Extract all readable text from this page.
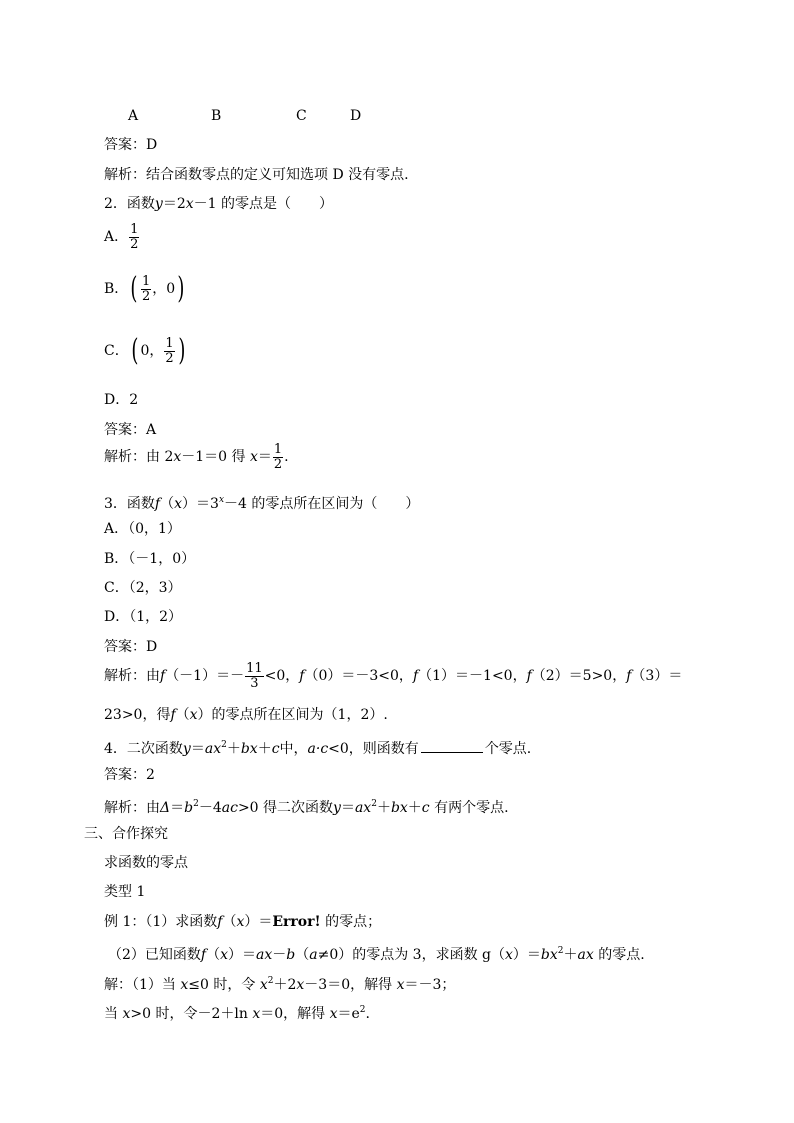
A	B	C	D
答案：D
解析：结合函数零点的定义可知选项 D 没有零点.
2．函数y＝2x－1 的零点是（　　）
A． $\frac{1}{2}$
B．( $\frac{1}{2}$ ，0)
C．( 0， $\frac{1}{2}$ )
D．2
答案：A
解析：由 2x－1＝0 得 $x= \frac{1}{2}$ .
3．函数$f(x)=3^x-4$ 的零点所在区间为（　　）
A．（0，1）
B．（－1，0）
C．（2，3）
D．（1，2）
答案：D
解析：由$f(-1)=- \frac{11}{3} <0$，f（0）＝－3<0，f（1）＝－1<0，f（2）＝5>0，f（3）＝
23>0，得f（x）的零点所在区间为（1，2）.
4．二次函数$y=ax^2+bx+c$中，a·c<0，则函数有	个零点.
答案：2
解析：由$\Delta=b^2-4ac>0$ 得二次函数$y=ax^2+bx+c$ 有两个零点.
三、合作探究
求函数的零点
类型 1
例 1：（1）求函数f（x）＝Error! 的零点；
（2）已知函数f（x）＝ax－b（a≠0）的零点为 3，求函数 $g(x)=bx^2+ax$ 的零点.
解：（1）当 x≤0 时，令 $x^2+2x-3=0$，解得 x＝－3；
当 x>0 时，令－2＋ln x＝0，解得 $x=e^2$.
